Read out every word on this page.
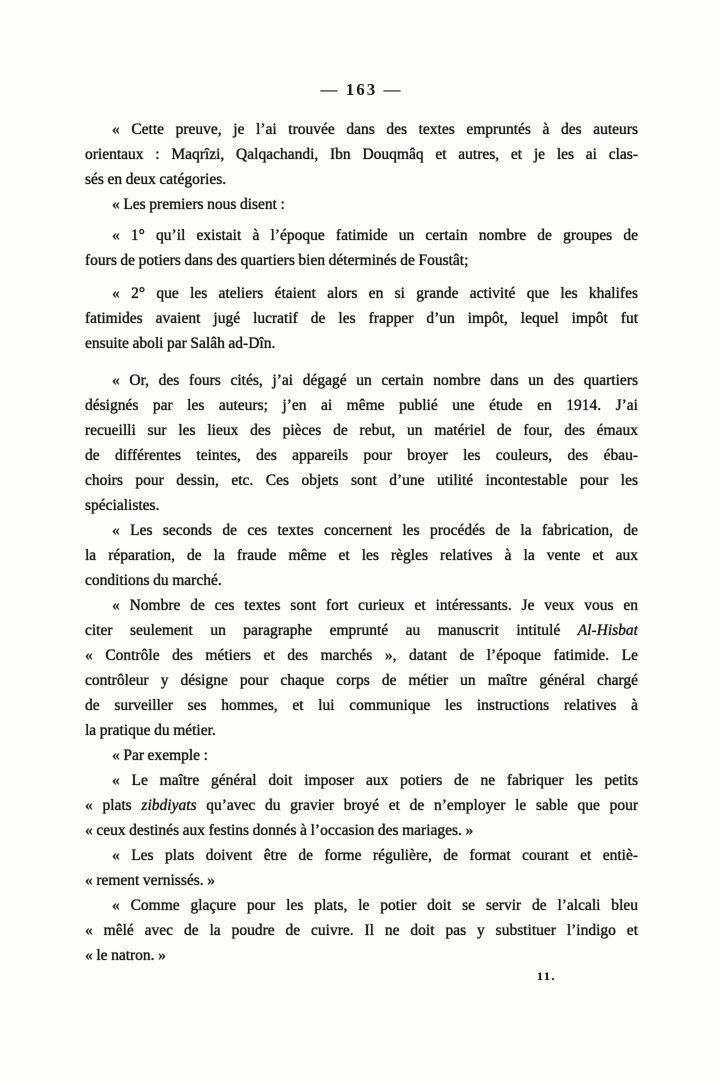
— 163 —
« Cette preuve, je l’ai trouvée dans des textes empruntés à des auteurs
orientaux : Maqrîzi, Qalqachandi, Ibn Douqmâq et autres, et je les ai clas-
sés en deux catégories.
« Les premiers nous disent :
« 1° qu’il existait à l’époque fatimide un certain nombre de groupes de
fours de potiers dans des quartiers bien déterminés de Foustât;
« 2° que les ateliers étaient alors en si grande activité que les khalifes
fatimides avaient jugé lucratif de les frapper d’un impôt, lequel impôt fut
ensuite aboli par Salâh ad-Dîn.
« Or, des fours cités, j’ai dégagé un certain nombre dans un des quartiers
désignés par les auteurs; j’en ai même publié une étude en 1914. J’ai
recueilli sur les lieux des pièces de rebut, un matériel de four, des émaux
de différentes teintes, des appareils pour broyer les couleurs, des ébau-
choirs pour dessin, etc. Ces objets sont d’une utilité incontestable pour les
spécialistes.
« Les seconds de ces textes concernent les procédés de la fabrication, de
la réparation, de la fraude même et les règles relatives à la vente et aux
conditions du marché.
« Nombre de ces textes sont fort curieux et intéressants. Je veux vous en
citer seulement un paragraphe emprunté au manuscrit intitulé Al-Hisbat
« Contrôle des métiers et des marchés », datant de l’époque fatimide. Le
contrôleur y désigne pour chaque corps de métier un maître général chargé
de surveiller ses hommes, et lui communique les instructions relatives à
la pratique du métier.
« Par exemple :
« Le maître général doit imposer aux potiers de ne fabriquer les petits
« plats zibdiyats qu’avec du gravier broyé et de n’employer le sable que pour
« ceux destinés aux festins donnés à l’occasion des mariages. »
« Les plats doivent être de forme régulière, de format courant et entiè-
« rement vernissés. »
« Comme glaçure pour les plats, le potier doit se servir de l’alcali bleu
« mêlé avec de la poudre de cuivre. Il ne doit pas y substituer l’indigo et
« le natron. »
11.
